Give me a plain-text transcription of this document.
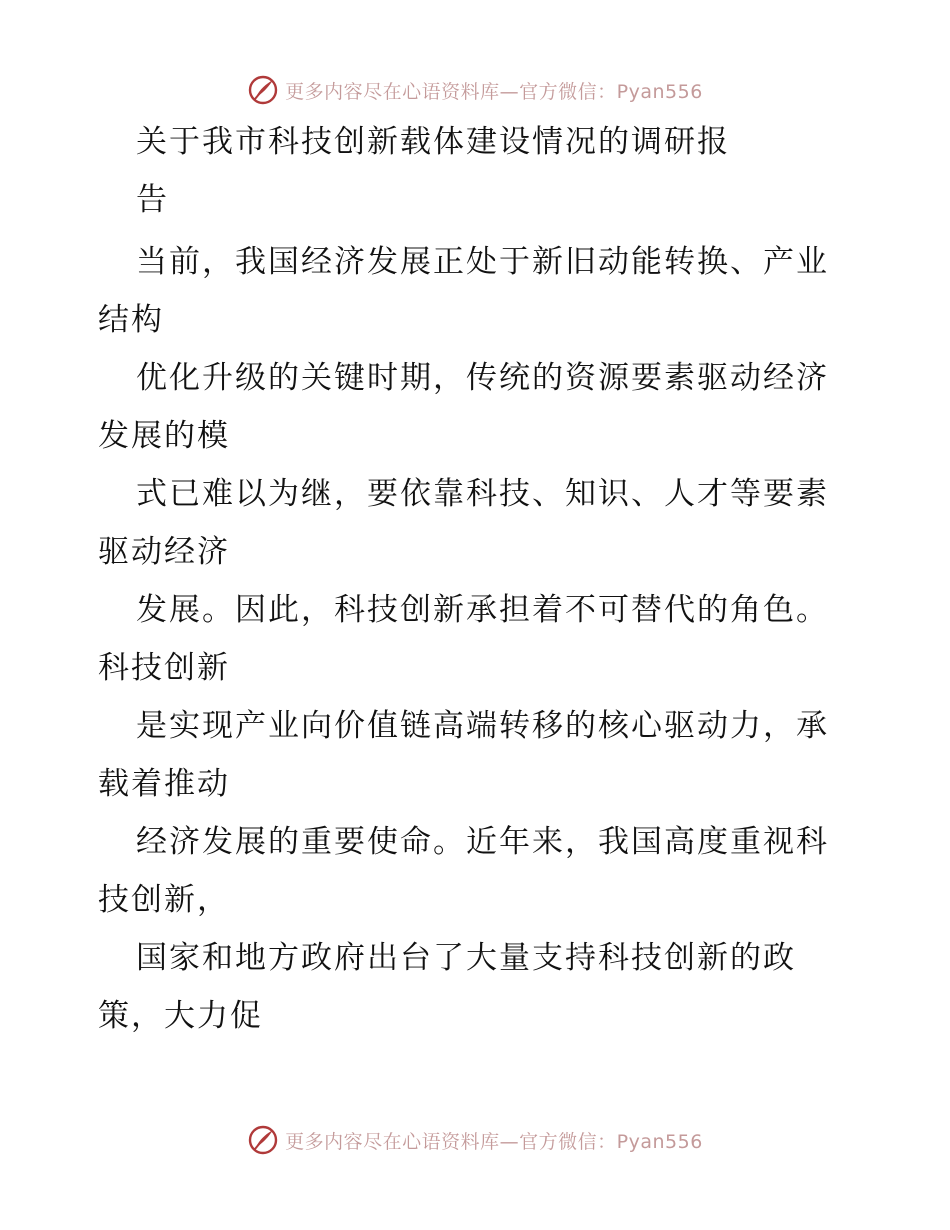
更多内容尽在心语资料库—官方微信：Pyan556
关于我市科技创新载体建设情况的调研报
告
当前，我国经济发展正处于新旧动能转换、产业
结构
优化升级的关键时期，传统的资源要素驱动经济
发展的模
式已难以为继，要依靠科技、知识、人才等要素
驱动经济
发展。因此，科技创新承担着不可替代的角色。
科技创新
是实现产业向价值链高端转移的核心驱动力，承
载着推动
经济发展的重要使命。近年来，我国高度重视科
技创新，
国家和地方政府出台了大量支持科技创新的政
策，大力促
更多内容尽在心语资料库—官方微信：Pyan556
